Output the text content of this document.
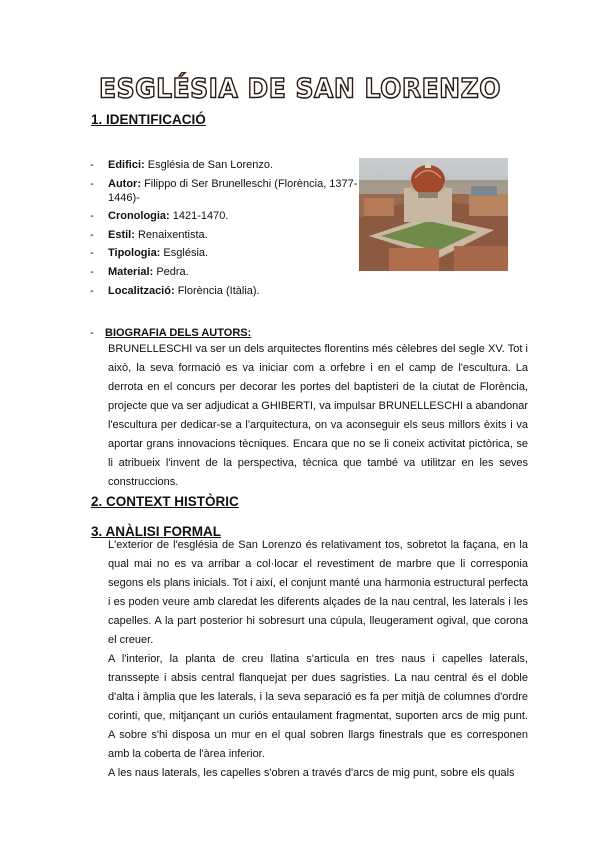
ESGLÉSIA DE SAN LORENZO
1. IDENTIFICACIÓ
- Edifici: Església de San Lorenzo.
- Autor: Filippo di Ser Brunelleschi (Florència, 1377-1446)-
- Cronologia: 1421-1470.
- Estil: Renaixentista.
- Tipologia: Església.
- Material: Pedra.
- Localització: Florència (Itàlia).
- BIOGRAFIA DELS AUTORS:

BRUNELLESCHI va ser un dels arquitectes florentins més cèlebres del segle XV. Tot i això, la seva formació es va iniciar com a orfebre i en el camp de l'escultura. La derrota en el concurs per decorar les portes del baptisteri de la ciutat de Florència, projecte que va ser adjudicat a GHIBERTI, va impulsar BRUNELLESCHI a abandonar l'escultura per dedicar-se a l'arquitectura, on va aconseguir els seus millors èxits i va aportar grans innovacions tècniques. Encara que no se li coneix activitat pictòrica, se li atribueix l'invent de la perspectiva, tècnica que també va utilitzar en les seves construccions.

2. CONTEXT HISTÒRIC
3. ANÀLISI FORMAL

L'exterior de l'església de San Lorenzo és relativament tos, sobretot la façana, en la qual mai no es va arribar a col·locar el revestiment de marbre que li corresponia segons els plans inicials. Tot i així, el conjunt manté una harmonia estructural perfecta i es poden veure amb claredat les diferents alçades de la nau central, les laterals i les capelles. A la part posterior hi sobresurt una cúpula, lleugerament ogival, que corona el creuer.

A l'interior, la planta de creu llatina s'articula en tres naus i capelles laterals, transsepte i absis central flanquejat per dues sagristies. La nau central és el doble d'alta i àmplia que les laterals, i la seva separació es fa per mitjà de columnes d'ordre corinti, que, mitjançant un curiós entaulament fragmentat, suporten arcs de mig punt. A sobre s'hi disposa un mur en el qual sobren llargs finestrals que es corresponen amb la coberta de l'àrea inferior.

A les naus laterals, les capelles s'obren a través d'arcs de mig punt, sobre els quals
